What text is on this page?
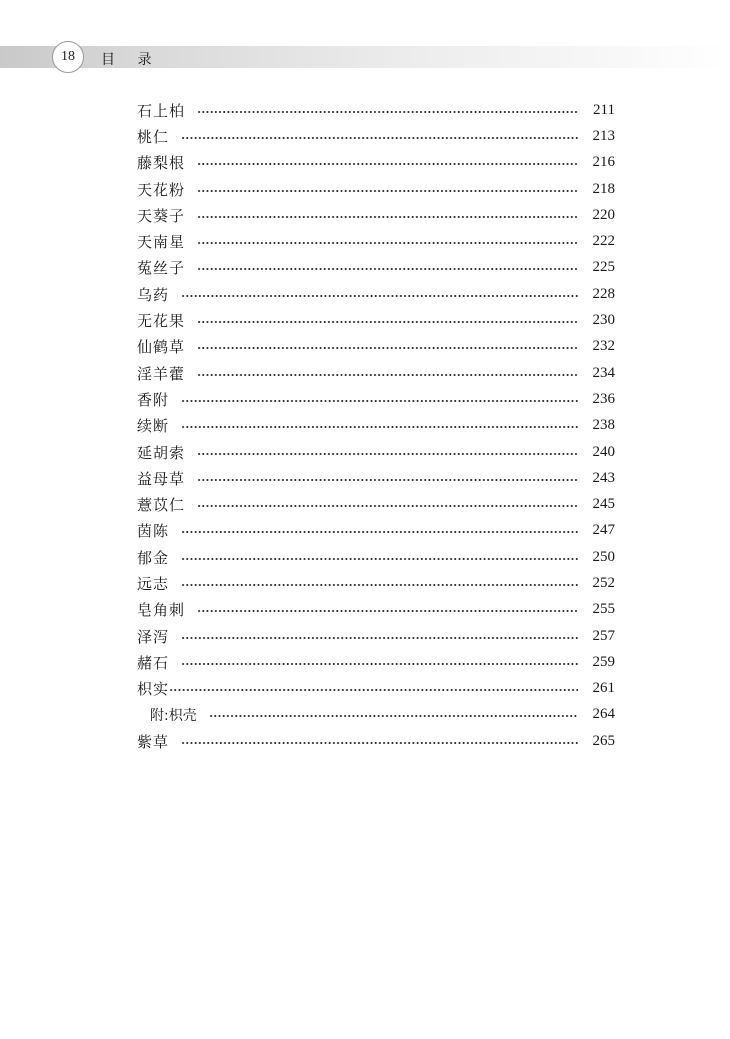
18 目 录
石上柏	211
桃仁	213
藤梨根	216
天花粉	218
天葵子	220
天南星	222
菟丝子	225
乌药	228
无花果	230
仙鹤草	232
淫羊藿	234
香附	236
续断	238
延胡索	240
益母草	243
薏苡仁	245
茵陈	247
郁金	250
远志	252
皂角刺	255
泽泻	257
赭石	259
枳实	261
附:枳壳	264
紫草	265
